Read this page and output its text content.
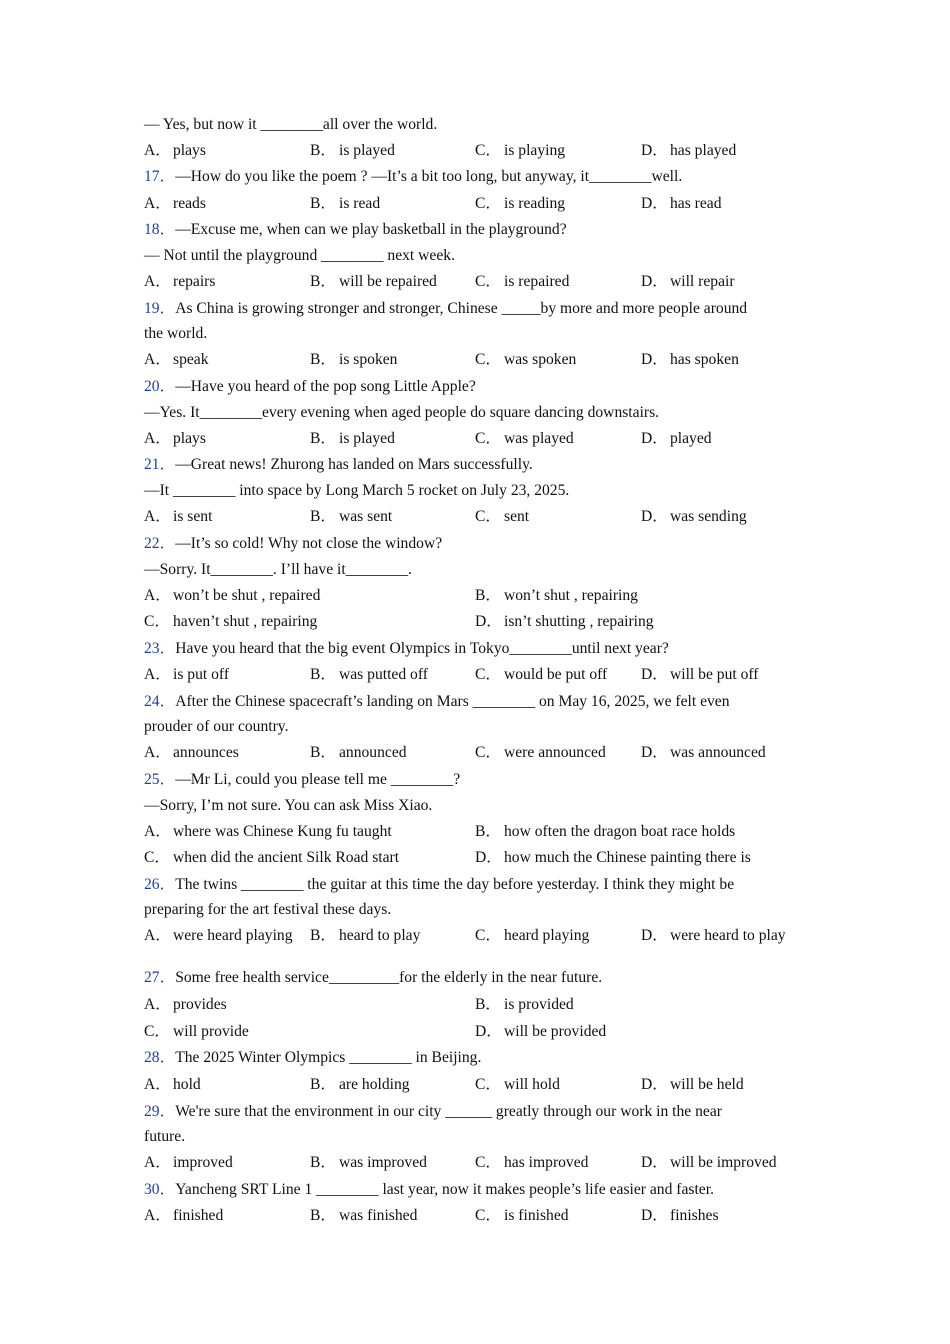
— Yes, but now it ________all over the world.
A． plays	B． is played	C． is playing	D． has played
17．—How do you like the poem ? —It’s a bit too long, but anyway, it________well.
A． reads	B． is read	C． is reading	D． has read
18．—Excuse me, when can we play basketball in the playground?
— Not until the playground ________ next week.
A． repairs	B． will be repaired C． is repaired	D． will repair
19．As China is growing stronger and stronger, Chinese _____by more and more people around
the world.
A． speak	B． is spoken	C． was spoken	D． has spoken
20．—Have you heard of the pop song Little Apple?
—Yes. It________every evening when aged people do square dancing downstairs.
A． plays	B． is played	C． was played	D． played
21．—Great news! Zhurong has landed on Mars successfully.
—It ________ into space by Long March 5 rocket on July 23, 2025.
A． is sent	B． was sent	C． sent	D． was sending
22．—It’s so cold! Why not close the window?
—Sorry. It________. I’ll have it________.
A． won’t be shut , repaired	B． won’t shut , repairing
C． haven’t shut , repairing	D． isn’t shutting , repairing
23．Have you heard that the big event Olympics in Tokyo________until next year?
A． is put off	B． was putted off	C． would be put off D． will be put off
24．After the Chinese spacecraft’s landing on Mars ________ on May 16, 2025, we felt even
prouder of our country.
A． announces	B． announced	C． were announced D． was announced
25．—Mr Li, could you please tell me ________?
—Sorry, I’m not sure. You can ask Miss Xiao.
A． where was Chinese Kung fu taught	B． how often the dragon boat race holds
C． when did the ancient Silk Road start	D． how much the Chinese painting there is
26．The twins ________ the guitar at this time the day before yesterday. I think they might be
preparing for the art festival these days.
A． were heard playing B． heard to play	C． heard playing	D． were heard to play
27．Some free health service_________for the elderly in the near future.
A． provides	B． is provided
C． will provide	D． will be provided
28．The 2025 Winter Olympics ________ in Beijing.
A． hold	B． are holding	C． will hold	D． will be held
29．We're sure that the environment in our city ______ greatly through our work in the near
future.
A． improved	B． was improved	C． has improved	D． will be improved
30．Yancheng SRT Line 1 ________ last year, now it makes people’s life easier and faster.
A． finished	B． was finished	C． is finished	D． finishes
